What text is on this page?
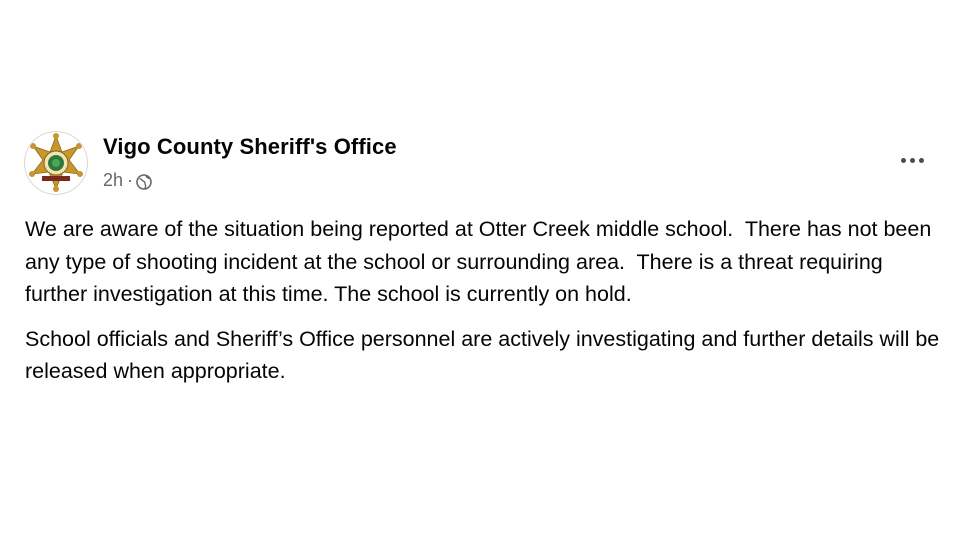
Vigo County Sheriff's Office
2h ·

We are aware of the situation being reported at Otter Creek middle school.  There has not been any type of shooting incident at the school or surrounding area.  There is a threat requiring further investigation at this time. The school is currently on hold.

School officials and Sheriff’s Office personnel are actively investigating and further details will be released when appropriate.
